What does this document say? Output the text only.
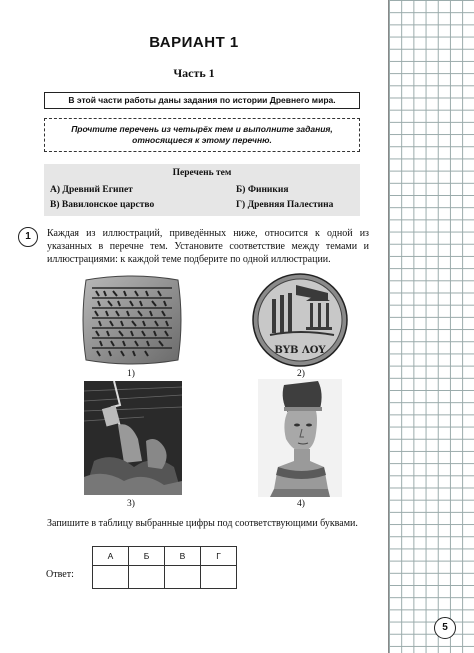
ВАРИАНТ 1
Часть 1
В этой части работы даны задания по истории Древнего мира.
Прочтите перечень из четырёх тем и выполните задания, относящиеся к этому перечню.
Перечень тем
А) Древний Египет	Б) Финикия
В) Вавилонское царство	Г) Древняя Палестина
1	Каждая из иллюстраций, приведённых ниже, относится к одной из указанных в перечне тем. Установите соответствие между темами и иллюстрациями: к каждой теме подберите по одной иллюстрации.
1)
ΒΥΒ ΛΟΥ
2)
3)	4)
Запишите в таблицу выбранные цифры под соответствующими буквами.
Ответ:
А	Б	В	Г

5
